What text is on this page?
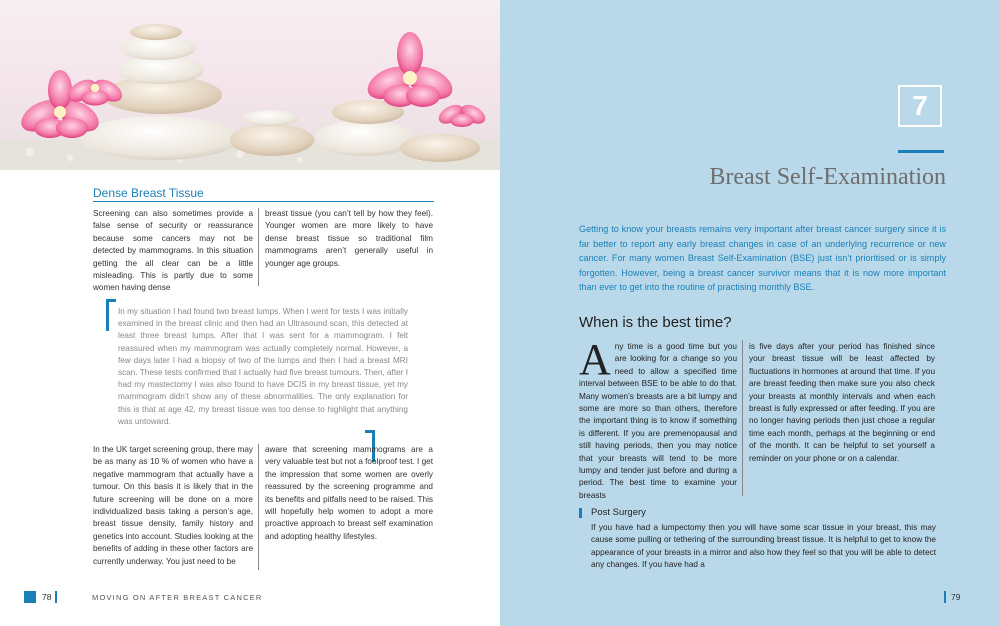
Dense Breast Tissue
Screening can also sometimes provide a false sense of security or reassurance because some cancers may not be detected by mammograms. In this situation getting the all clear can be a little misleading. This is partly due to some women having dense
breast tissue (you can’t tell by how they feel). Younger women are more likely to have dense breast tissue so traditional film mammograms aren’t generally useful in younger age groups.
In my situation I had found two breast lumps. When I went for tests I was initially examined in the breast clinic and then had an Ultrasound scan, this detected at least three breast lumps. After that I was sent for a mammogram. I felt reassured when my mammogram was actually completely normal. However, a few days later I had a biopsy of two of the lumps and then I had a breast MRI scan. These tests confirmed that I actually had five breast tumours. Then, after I had my mastectomy I was also found to have DCIS in my breast tissue, yet my mammogram didn’t show any of these abnormalities. The only explanation for this is that at age 42, my breast tissue was too dense to highlight that anything was untoward.
In the UK target screening group, there may be as many as 10 % of women who have a negative mammogram that actually have a tumour. On this basis it is likely that in the future screening will be done on a more individualized basis taking a person’s age, breast tissue density, family history and genetics into account. Studies looking at the benefits of adding in these other factors are currently underway. You just need to be
aware that screening mammograms are a very valuable test but not a foolproof test. I get the impression that some women are overly reassured by the screening programme and its benefits and pitfalls need to be raised. This will hopefully help women to adopt a more proactive approach to breast self examination and adopting healthy lifestyles.
78	MOVING ON AFTER BREAST CANCER
7
Breast Self-Examination
Getting to know your breasts remains very important after breast cancer surgery since it is far better to report any early breast changes in case of an underlying recurrence or new cancer. For many women Breast Self-Examination (BSE) just isn’t prioritised or is simply forgotten. However, being a breast cancer survivor means that it is now more important than ever to get into the routine of practising monthly BSE.
When is the best time?
Any time is a good time but you are looking for a change so you need to allow a specified time interval between BSE to be able to do that. Many women’s breasts are a bit lumpy and some are more so than others, therefore the important thing is to know if something is different. If you are premenopausal and still having periods, then you may notice that your breasts will tend to be more lumpy and tender just before and during a period. The best time to examine your breasts
is five days after your period has finished since your breast tissue will be least affected by fluctuations in hormones at around that time. If you are breast feeding then make sure you also check your breasts at monthly intervals and when each breast is fully expressed or after feeding. If you are no longer having periods then just chose a regular time each month, perhaps at the beginning or end of the month. It can be helpful to set yourself a reminder on your phone or on a calendar.
Post Surgery
If you have had a lumpectomy then you will have some scar tissue in your breast, this may cause some pulling or tethering of the surrounding breast tissue. It is helpful to get to know the appearance of your breasts in a mirror and also how they feel so that you will be able to detect any changes. If you have had a
79
